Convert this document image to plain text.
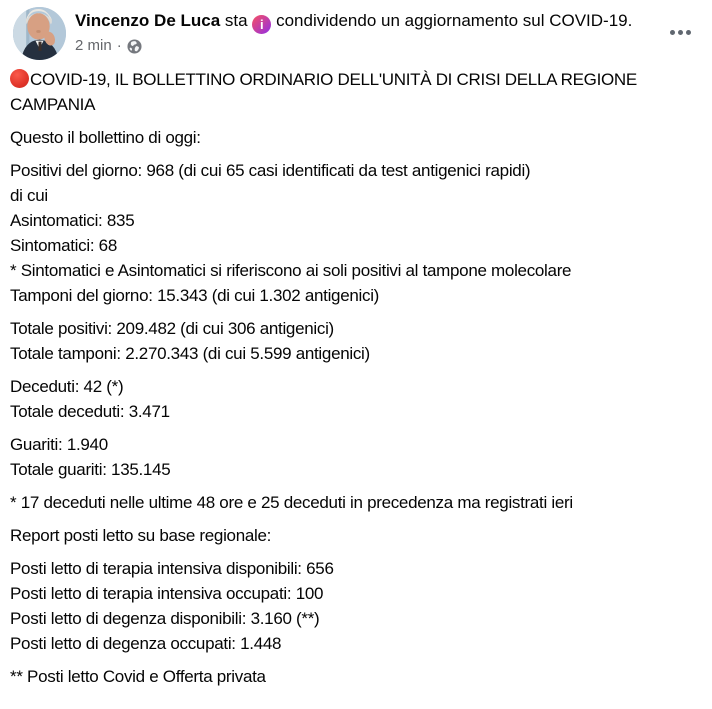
Vincenzo De Luca sta i condividendo un aggiornamento sul COVID-19.
2 min ·
COVID-19, IL BOLLETTINO ORDINARIO DELL'UNITÀ DI CRISI DELLA REGIONE CAMPANIA
Questo il bollettino di oggi:
Positivi del giorno: 968 (di cui 65 casi identificati da test antigenici rapidi)
di cui
Asintomatici: 835
Sintomatici: 68
* Sintomatici e Asintomatici si riferiscono ai soli positivi al tampone molecolare
Tamponi del giorno: 15.343 (di cui 1.302 antigenici)
Totale positivi: 209.482 (di cui 306 antigenici)
Totale tamponi: 2.270.343 (di cui 5.599 antigenici)
Deceduti: 42 (*)
Totale deceduti: 3.471
Guariti: 1.940
Totale guariti: 135.145
* 17 deceduti nelle ultime 48 ore e 25 deceduti in precedenza ma registrati ieri
Report posti letto su base regionale:
Posti letto di terapia intensiva disponibili: 656
Posti letto di terapia intensiva occupati: 100
Posti letto di degenza disponibili: 3.160 (**)
Posti letto di degenza occupati: 1.448
** Posti letto Covid e Offerta privata
